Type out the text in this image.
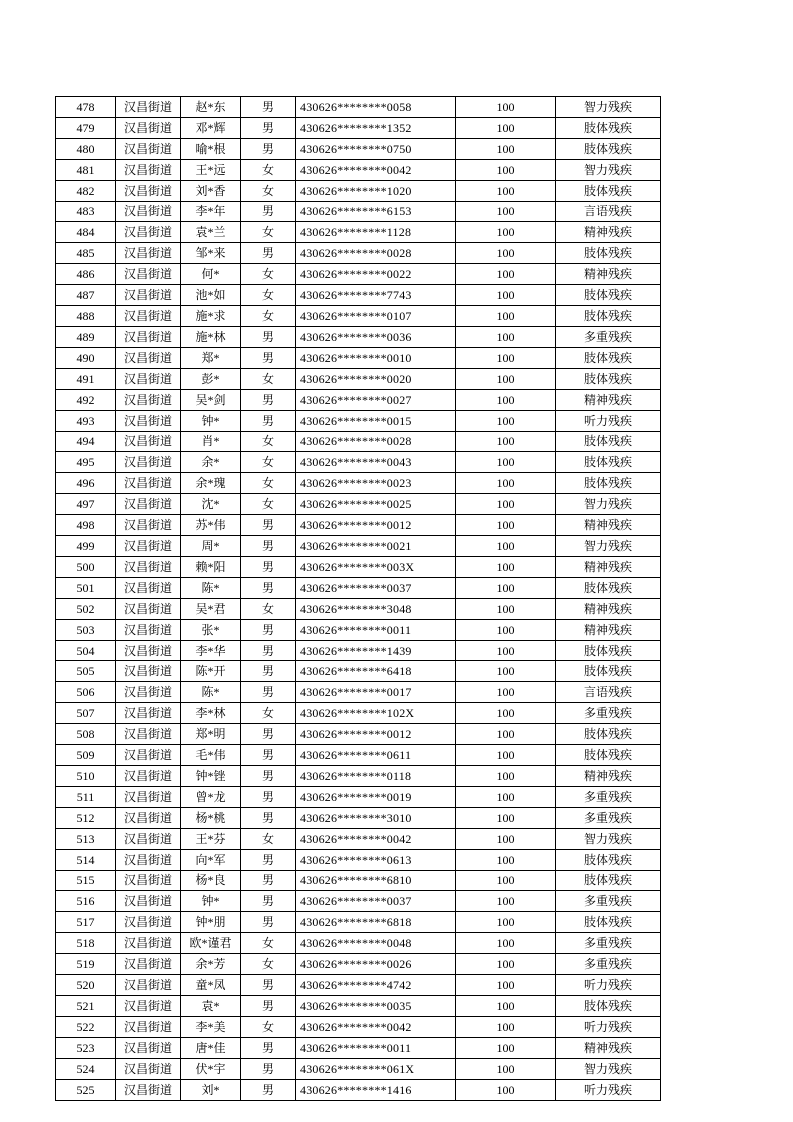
478	汉昌街道	赵*东	男	430626********0058	100	智力残疾
479	汉昌街道	邓*辉	男	430626********1352	100	肢体残疾
480	汉昌街道	喻*根	男	430626********0750	100	肢体残疾
481	汉昌街道	王*远	女	430626********0042	100	智力残疾
482	汉昌街道	刘*香	女	430626********1020	100	肢体残疾
483	汉昌街道	李*年	男	430626********6153	100	言语残疾
484	汉昌街道	袁*兰	女	430626********1128	100	精神残疾
485	汉昌街道	邹*来	男	430626********0028	100	肢体残疾
486	汉昌街道	何*	女	430626********0022	100	精神残疾
487	汉昌街道	池*如	女	430626********7743	100	肢体残疾
488	汉昌街道	施*求	女	430626********0107	100	肢体残疾
489	汉昌街道	施*林	男	430626********0036	100	多重残疾
490	汉昌街道	郑*	男	430626********0010	100	肢体残疾
491	汉昌街道	彭*	女	430626********0020	100	肢体残疾
492	汉昌街道	吴*剑	男	430626********0027	100	精神残疾
493	汉昌街道	钟*	男	430626********0015	100	听力残疾
494	汉昌街道	肖*	女	430626********0028	100	肢体残疾
495	汉昌街道	余*	女	430626********0043	100	肢体残疾
496	汉昌街道	余*瑰	女	430626********0023	100	肢体残疾
497	汉昌街道	沈*	女	430626********0025	100	智力残疾
498	汉昌街道	苏*伟	男	430626********0012	100	精神残疾
499	汉昌街道	周*	男	430626********0021	100	智力残疾
500	汉昌街道	赖*阳	男	430626********003X	100	精神残疾
501	汉昌街道	陈*	男	430626********0037	100	肢体残疾
502	汉昌街道	吴*君	女	430626********3048	100	精神残疾
503	汉昌街道	张*	男	430626********0011	100	精神残疾
504	汉昌街道	李*华	男	430626********1439	100	肢体残疾
505	汉昌街道	陈*开	男	430626********6418	100	肢体残疾
506	汉昌街道	陈*	男	430626********0017	100	言语残疾
507	汉昌街道	李*林	女	430626********102X	100	多重残疾
508	汉昌街道	郑*明	男	430626********0012	100	肢体残疾
509	汉昌街道	毛*伟	男	430626********0611	100	肢体残疾
510	汉昌街道	钟*锉	男	430626********0118	100	精神残疾
511	汉昌街道	曾*龙	男	430626********0019	100	多重残疾
512	汉昌街道	杨*桃	男	430626********3010	100	多重残疾
513	汉昌街道	王*芬	女	430626********0042	100	智力残疾
514	汉昌街道	向*军	男	430626********0613	100	肢体残疾
515	汉昌街道	杨*良	男	430626********6810	100	肢体残疾
516	汉昌街道	钟*	男	430626********0037	100	多重残疾
517	汉昌街道	钟*朋	男	430626********6818	100	肢体残疾
518	汉昌街道	欧*谨君	女	430626********0048	100	多重残疾
519	汉昌街道	余*芳	女	430626********0026	100	多重残疾
520	汉昌街道	童*凤	男	430626********4742	100	听力残疾
521	汉昌街道	袁*	男	430626********0035	100	肢体残疾
522	汉昌街道	李*美	女	430626********0042	100	听力残疾
523	汉昌街道	唐*佳	男	430626********0011	100	精神残疾
524	汉昌街道	伏*宇	男	430626********061X	100	智力残疾
525	汉昌街道	刘*	男	430626********1416	100	听力残疾
